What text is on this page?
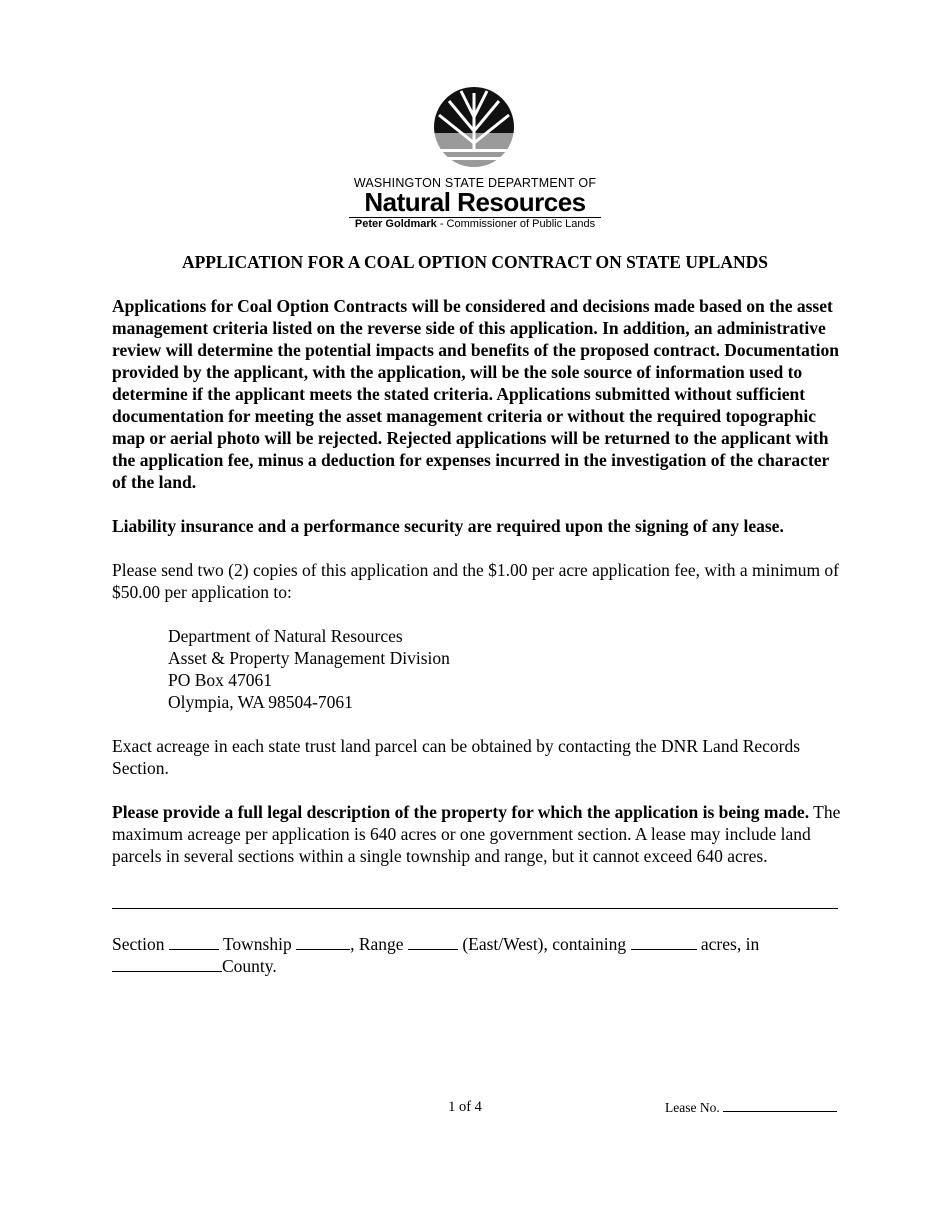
WASHINGTON STATE DEPARTMENT OF
Natural Resources
Peter Goldmark - Commissioner of Public Lands
APPLICATION FOR A COAL OPTION CONTRACT ON STATE UPLANDS

Applications for Coal Option Contracts will be considered and decisions made based on the asset management criteria listed on the reverse side of this application. In addition, an administrative review will determine the potential impacts and benefits of the proposed contract. Documentation provided by the applicant, with the application, will be the sole source of information used to determine if the applicant meets the stated criteria. Applications submitted without sufficient documentation for meeting the asset management criteria or without the required topographic map or aerial photo will be rejected. Rejected applications will be returned to the applicant with the application fee, minus a deduction for expenses incurred in the investigation of the character of the land.

Liability insurance and a performance security are required upon the signing of any lease.

Please send two (2) copies of this application and the $1.00 per acre application fee, with a minimum of $50.00 per application to:

Department of Natural Resources
Asset & Property Management Division
PO Box 47061
Olympia, WA 98504-7061

Exact acreage in each state trust land parcel can be obtained by contacting the DNR Land Records Section.

Please provide a full legal description of the property for which the application is being made. The maximum acreage per application is 640 acres or one government section. A lease may include land parcels in several sections within a single township and range, but it cannot exceed 640 acres.

Section	Township	, Range	(East/West), containing	acres, in County.

1 of 4	Lease No.
